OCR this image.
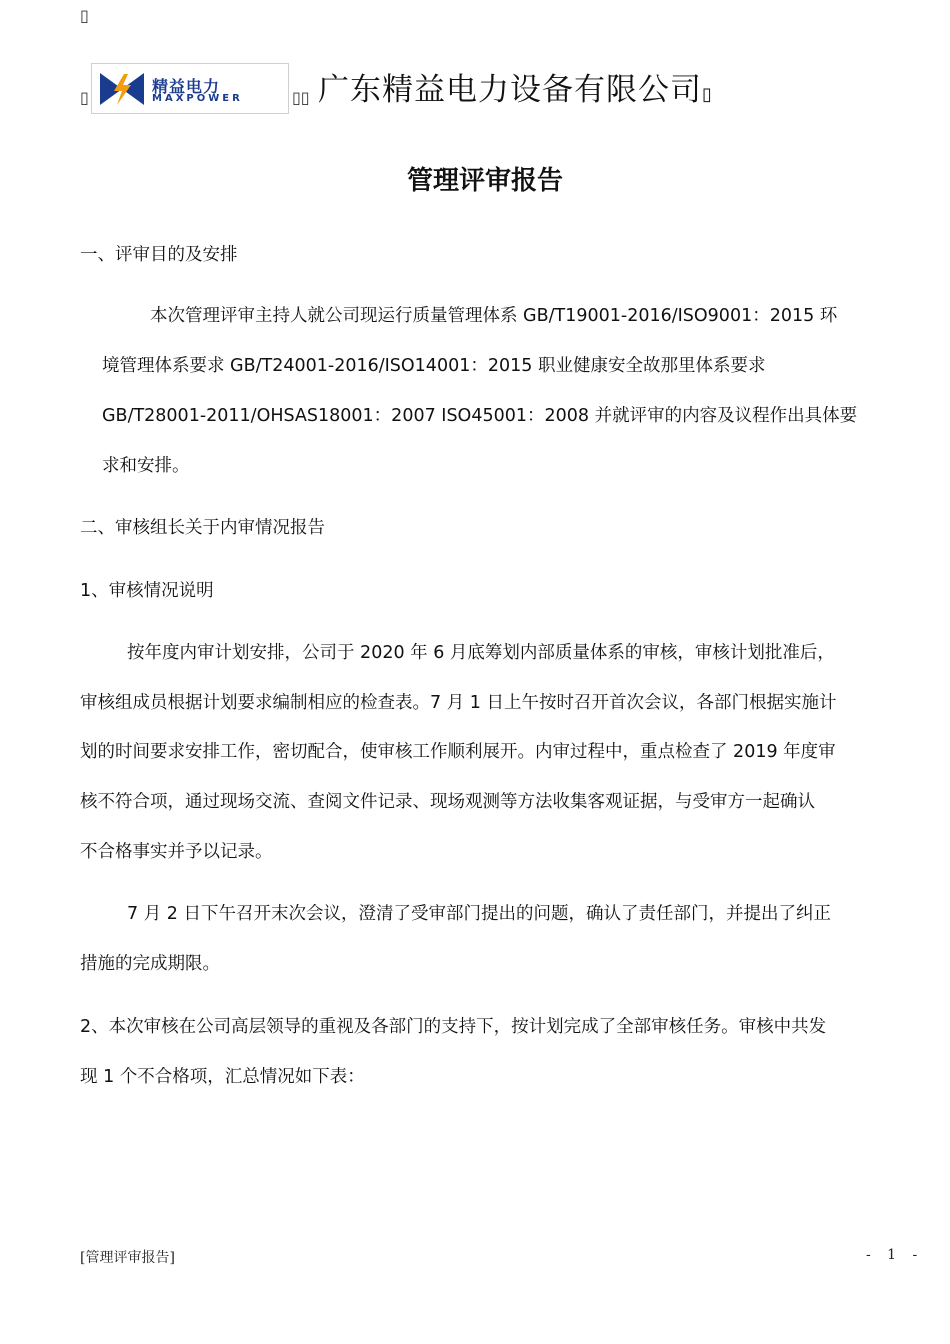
▯
▯
精益电力
MAXPOWER	▯▯ 广东精益电力设备有限公司▯
管理评审报告
一、评审目的及安排
本次管理评审主持人就公司现运行质量管理体系 GB/T19001-2016/ISO9001：2015 环
境管理体系要求 GB/T24001-2016/ISO14001：2015 职业健康安全故那里体系要求
GB/T28001-2011/OHSAS18001：2007 ISO45001：2008 并就评审的内容及议程作出具体要
求和安排。
二、审核组长关于内审情况报告
1、审核情况说明
按年度内审计划安排，公司于 2020 年 6 月底筹划内部质量体系的审核，审核计划批准后，
审核组成员根据计划要求编制相应的检查表。7 月 1 日上午按时召开首次会议，各部门根据实施计
划的时间要求安排工作，密切配合，使审核工作顺利展开。内审过程中，重点检查了 2019 年度审
核不符合项，通过现场交流、查阅文件记录、现场观测等方法收集客观证据，与受审方一起确认
不合格事实并予以记录。
7 月 2 日下午召开末次会议，澄清了受审部门提出的问题，确认了责任部门，并提出了纠正
措施的完成期限。
2、本次审核在公司高层领导的重视及各部门的支持下，按计划完成了全部审核任务。审核中共发
现 1 个不合格项，汇总情况如下表：
[管理评审报告]	- 1 -
